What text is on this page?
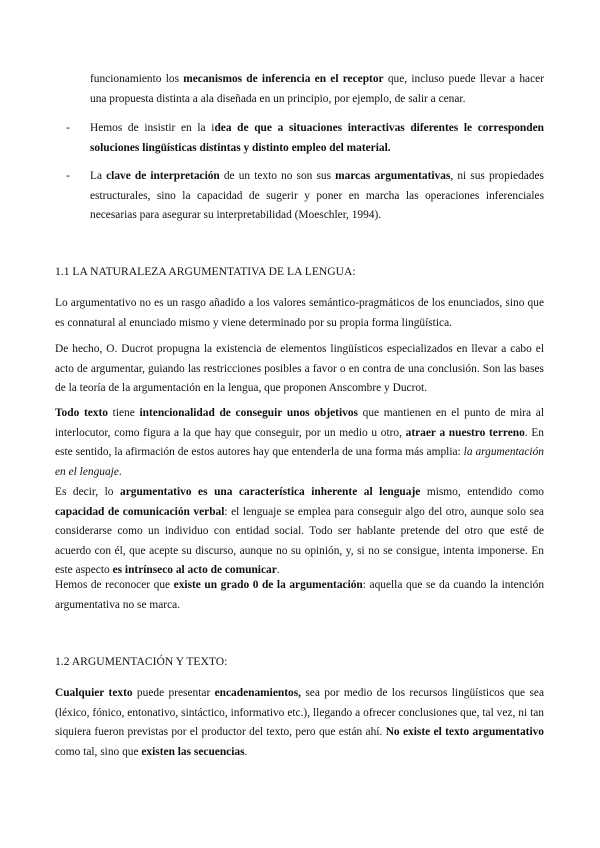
funcionamiento los mecanismos de inferencia en el receptor que, incluso puede llevar a hacer una propuesta distinta a ala diseñada en un principio, por ejemplo, de salir a cenar.

- Hemos de insistir en la idea de que a situaciones interactivas diferentes le corresponden soluciones lingüísticas distintas y distinto empleo del material.

- La clave de interpretación de un texto no son sus marcas argumentativas, ni sus propiedades estructurales, sino la capacidad de sugerir y poner en marcha las operaciones inferenciales necesarias para asegurar su interpretabilidad (Moeschler, 1994).

1.1 LA NATURALEZA ARGUMENTATIVA DE LA LENGUA:

Lo argumentativo no es un rasgo añadido a los valores semántico-pragmáticos de los enunciados, sino que es connatural al enunciado mismo y viene determinado por su propia forma lingüística.

De hecho, O. Ducrot propugna la existencia de elementos lingüísticos especializados en llevar a cabo el acto de argumentar, guiando las restricciones posibles a favor o en contra de una conclusión. Son las bases de la teoría de la argumentación en la lengua, que proponen Anscombre y Ducrot.

Todo texto tiene intencionalidad de conseguir unos objetivos que mantienen en el punto de mira al interlocutor, como figura a la que hay que conseguir, por un medio u otro, atraer a nuestro terreno. En este sentido, la afirmación de estos autores hay que entenderla de una forma más amplia: la argumentación en el lenguaje.

Es decir, lo argumentativo es una característica inherente al lenguaje mismo, entendido como capacidad de comunicación verbal: el lenguaje se emplea para conseguir algo del otro, aunque solo sea considerarse como un individuo con entidad social. Todo ser hablante pretende del otro que esté de acuerdo con él, que acepte su discurso, aunque no su opinión, y, si no se consigue, intenta imponerse. En este aspecto es intrínseco al acto de comunicar.

Hemos de reconocer que existe un grado 0 de la argumentación: aquella que se da cuando la intención argumentativa no se marca.

1.2 ARGUMENTACIÓN Y TEXTO:

Cualquier texto puede presentar encadenamientos, sea por medio de los recursos lingüísticos que sea (léxico, fónico, entonativo, sintáctico, informativo etc.), llegando a ofrecer conclusiones que, tal vez, ni tan siquiera fueron previstas por el productor del texto, pero que están ahí. No existe el texto argumentativo como tal, sino que existen las secuencias.
